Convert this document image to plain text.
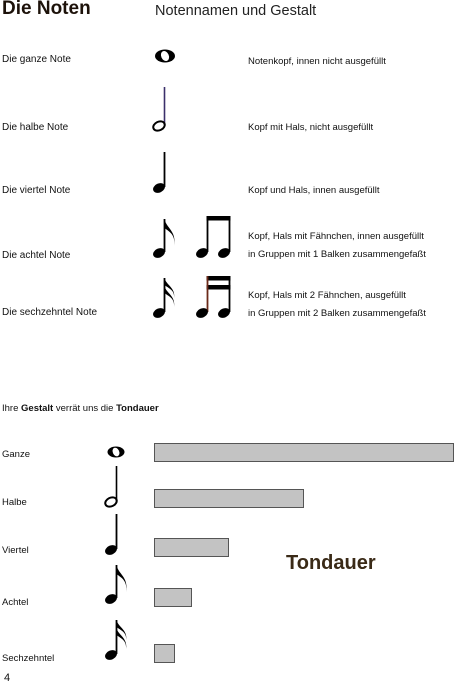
Die Noten	Notennamen und Gestalt
Die ganze Note
Die halbe Note
Die viertel Note
Die achtel Note
Die sechzehntel Note
Notenkopf, innen nicht ausgefüllt
Kopf mit Hals, nicht ausgefüllt
Kopf und Hals, innen ausgefüllt
Kopf, Hals mit Fähnchen, innen ausgefüllt
in Gruppen mit 1 Balken zusammengefaßt
Kopf, Hals mit 2 Fähnchen, ausgefüllt
in Gruppen mit 2 Balken zusammengefaßt
Ihre Gestalt verrät uns die Tondauer
Ganze
Halbe
Viertel
Achtel
Sechzehntel
Tondauer
4
